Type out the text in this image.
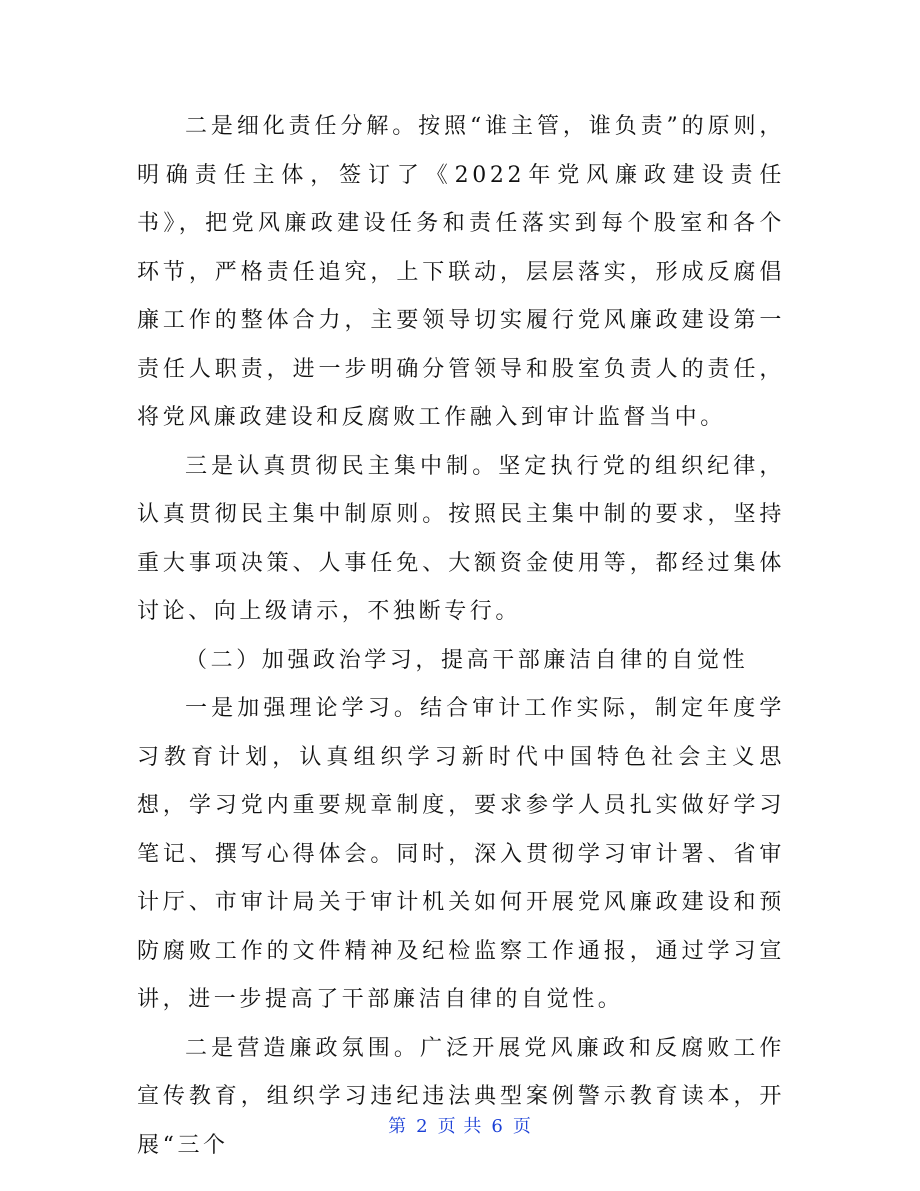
二是细化责任分解。按照“谁主管，谁负责”的原则，明确责任主体，签订了《2022年党风廉政建设责任书》，把党风廉政建设任务和责任落实到每个股室和各个环节，严格责任追究，上下联动，层层落实，形成反腐倡廉工作的整体合力，主要领导切实履行党风廉政建设第一责任人职责，进一步明确分管领导和股室负责人的责任，将党风廉政建设和反腐败工作融入到审计监督当中。

三是认真贯彻民主集中制。坚定执行党的组织纪律，认真贯彻民主集中制原则。按照民主集中制的要求，坚持重大事项决策、人事任免、大额资金使用等，都经过集体讨论、向上级请示，不独断专行。

（二）加强政治学习，提高干部廉洁自律的自觉性

一是加强理论学习。结合审计工作实际，制定年度学习教育计划，认真组织学习新时代中国特色社会主义思想，学习党内重要规章制度，要求参学人员扎实做好学习笔记、撰写心得体会。同时，深入贯彻学习审计署、省审计厅、市审计局关于审计机关如何开展党风廉政建设和预防腐败工作的文件精神及纪检监察工作通报，通过学习宣讲，进一步提高了干部廉洁自律的自觉性。

二是营造廉政氛围。广泛开展党风廉政和反腐败工作宣传教育，组织学习违纪违法典型案例警示教育读本，开展“三个

第 2 页 共 6 页
